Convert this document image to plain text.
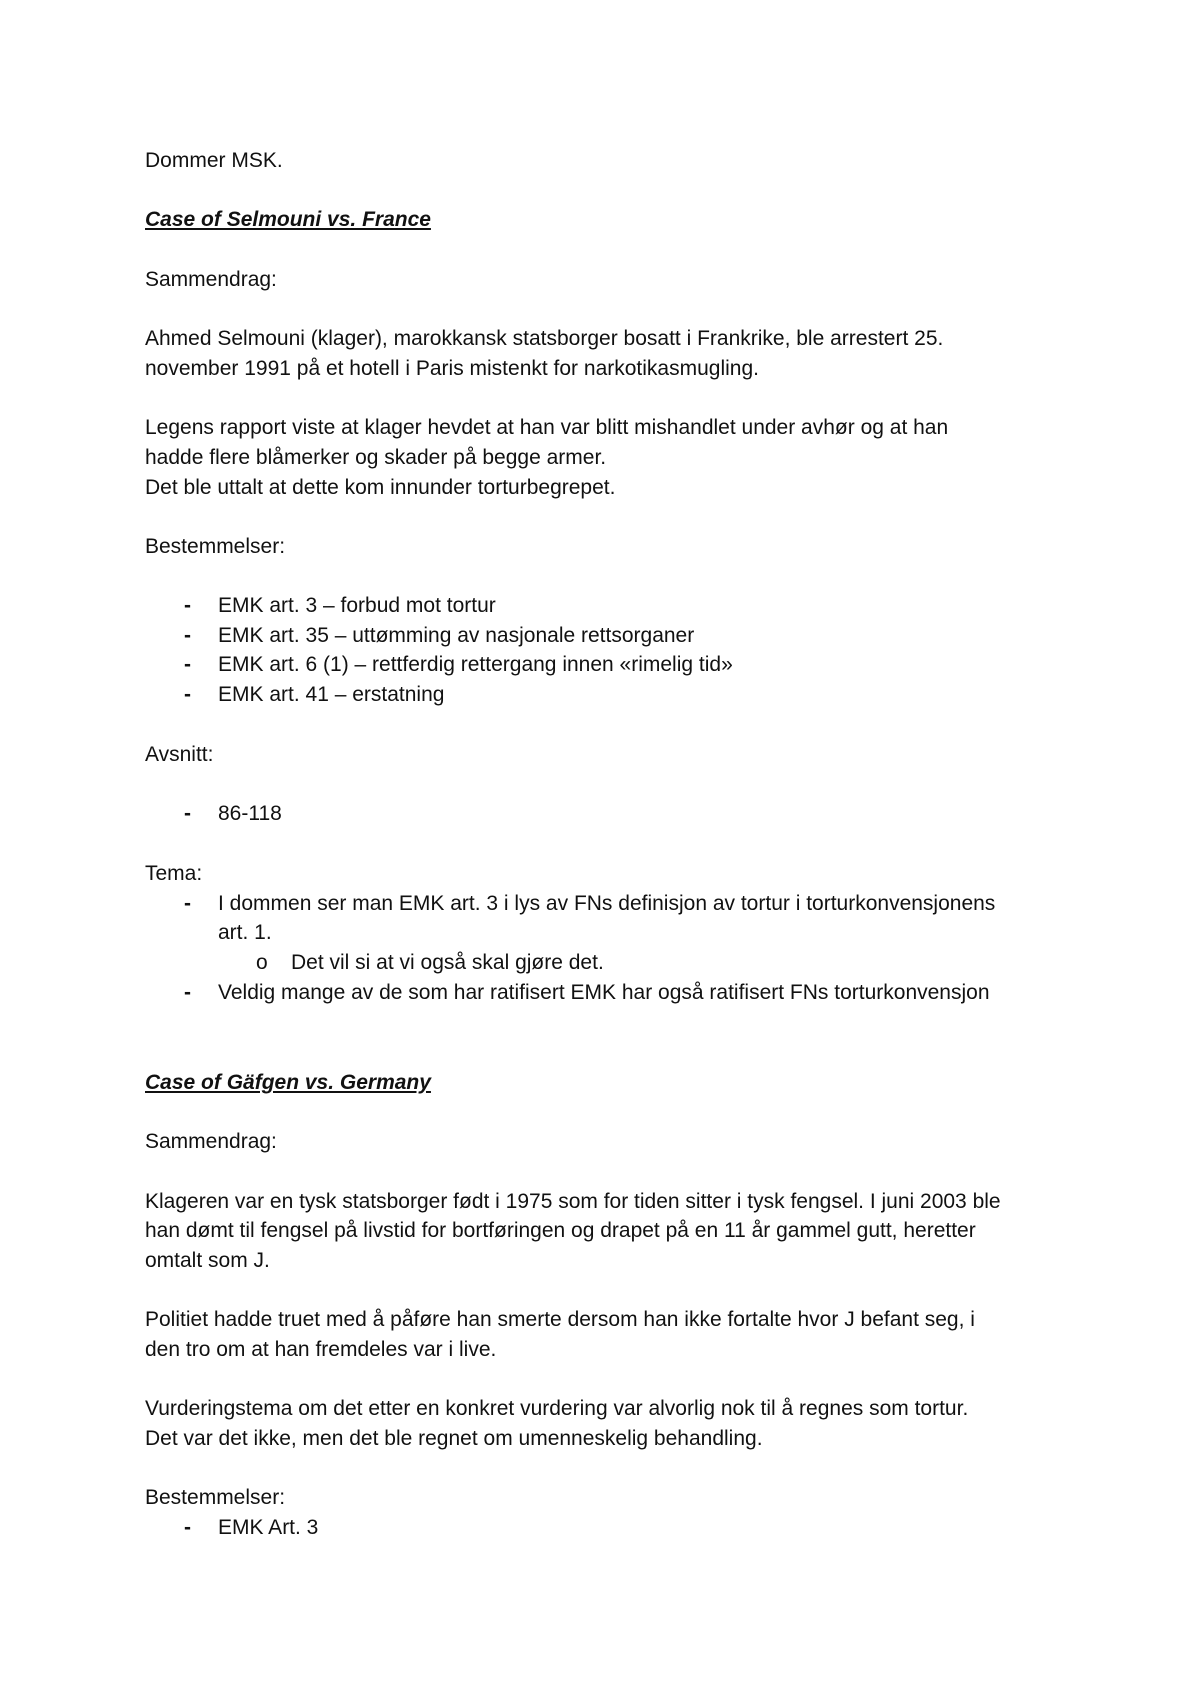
Dommer MSK.
Case of Selmouni vs. France
Sammendrag:
Ahmed Selmouni (klager), marokkansk statsborger bosatt i Frankrike, ble arrestert 25.
november 1991 på et hotell i Paris mistenkt for narkotikasmugling.
Legens rapport viste at klager hevdet at han var blitt mishandlet under avhør og at han
hadde flere blåmerker og skader på begge armer.
Det ble uttalt at dette kom innunder torturbegrepet.
Bestemmelser:
- EMK art. 3 – forbud mot tortur
- EMK art. 35 – uttømming av nasjonale rettsorganer
- EMK art. 6 (1) – rettferdig rettergang innen «rimelig tid»
- EMK art. 41 – erstatning
Avsnitt:
- 86-118
Tema:
- I dommen ser man EMK art. 3 i lys av FNs definisjon av tortur i torturkonvensjonens
art. 1.
o Det vil si at vi også skal gjøre det.
- Veldig mange av de som har ratifisert EMK har også ratifisert FNs torturkonvensjon
Case of Gäfgen vs. Germany
Sammendrag:
Klageren var en tysk statsborger født i 1975 som for tiden sitter i tysk fengsel. I juni 2003 ble
han dømt til fengsel på livstid for bortføringen og drapet på en 11 år gammel gutt, heretter
omtalt som J.
Politiet hadde truet med å påføre han smerte dersom han ikke fortalte hvor J befant seg, i
den tro om at han fremdeles var i live.
Vurderingstema om det etter en konkret vurdering var alvorlig nok til å regnes som tortur.
Det var det ikke, men det ble regnet om umenneskelig behandling.
Bestemmelser:
- EMK Art. 3
